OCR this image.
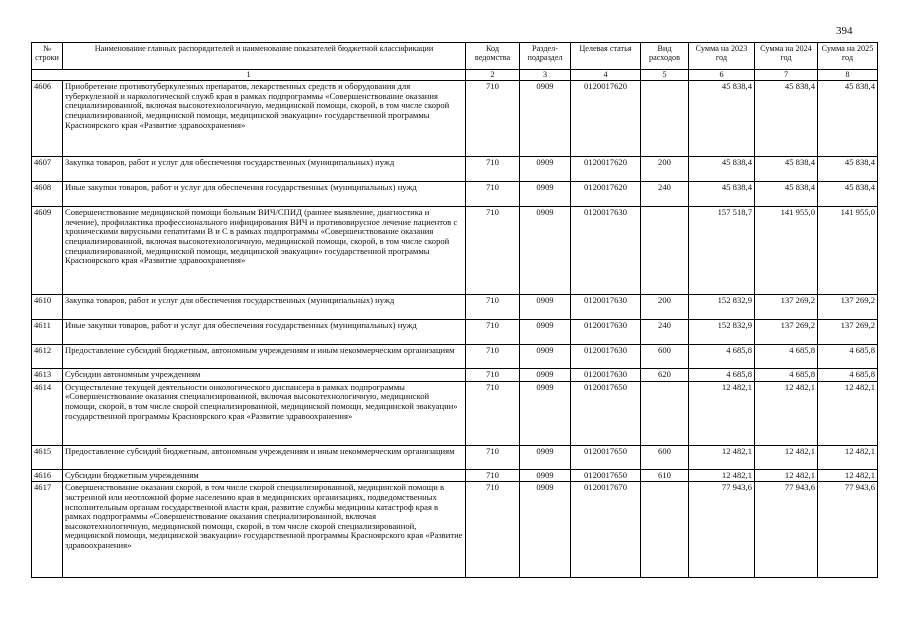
394
№ строки	Наименование главных распорядителей и наименование показателей бюджетной классификации	Код ведомства	Раздел-подраздел	Целевая статья	Вид расходов	Сумма на 2023 год	Сумма на 2024 год	Сумма на 2025 год
1		2	3	4	5	6	7	8
4606	Приобретение противотуберкулезных препаратов, лекарственных средств и оборудования для туберкулезной и наркологической служб края в рамках подпрограммы «Совершенствование оказания специализированной, включая высокотехнологичную, медицинской помощи, скорой, в том числе скорой специализированной, медицинской помощи, медицинской эвакуации» государственной программы Красноярского края «Развитие здравоохранения»	710	0909	0120017620		45 838,4	45 838,4	45 838,4
4607	Закупка товаров, работ и услуг для обеспечения государственных (муниципальных) нужд	710	0909	0120017620	200	45 838,4	45 838,4	45 838,4
4608	Иные закупки товаров, работ и услуг для обеспечения государственных (муниципальных) нужд	710	0909	0120017620	240	45 838,4	45 838,4	45 838,4
4609	Совершенствование медицинской помощи больным ВИЧ/СПИД (раннее выявление, диагностика и лечение), профилактика профессионального инфицирования ВИЧ и противовирусное лечение пациентов с хроническими вирусными гепатитами В и С в рамках подпрограммы «Совершенствование оказания специализированной, включая высокотехнологичную, медицинской помощи, скорой, в том числе скорой специализированной, медицинской помощи, медицинской эвакуации» государственной программы Красноярского края «Развитие здравоохранения»	710	0909	0120017630		157 518,7	141 955,0	141 955,0
4610	Закупка товаров, работ и услуг для обеспечения государственных (муниципальных) нужд	710	0909	0120017630	200	152 832,9	137 269,2	137 269,2
4611	Иные закупки товаров, работ и услуг для обеспечения государственных (муниципальных) нужд	710	0909	0120017630	240	152 832,9	137 269,2	137 269,2
4612	Предоставление субсидий бюджетным, автономным учреждениям и иным некоммерческим организациям	710	0909	0120017630	600	4 685,8	4 685,8	4 685,8
4613	Субсидии автономным учреждениям	710	0909	0120017630	620	4 685,8	4 685,8	4 685,8
4614	Осуществление текущей деятельности онкологического диспансера в рамках подпрограммы «Совершенствование оказания специализированной, включая высокотехнологичную, медицинской помощи, скорой, в том числе скорой специализированной, медицинской помощи, медицинской эвакуации» государственной программы Красноярского края «Развитие здравоохранения»	710	0909	0120017650		12 482,1	12 482,1	12 482,1
4615	Предоставление субсидий бюджетным, автономным учреждениям и иным некоммерческим организациям	710	0909	0120017650	600	12 482,1	12 482,1	12 482,1
4616	Субсидии бюджетным учреждениям	710	0909	0120017650	610	12 482,1	12 482,1	12 482,1
4617	Совершенствование оказания скорой, в том числе скорой специализированной, медицинской помощи в экстренной или неотложной форме населению края в медицинских организациях, подведомственных исполнительным органам государственной власти края, развитие службы медицины катастроф края в рамках подпрограммы «Совершенствование оказания специализированной, включая высокотехнологичную, медицинской помощи, скорой, в том числе скорой специализированной, медицинской помощи, медицинской эвакуации» государственной программы Красноярского края «Развитие здравоохранения»	710	0909	0120017670		77 943,6	77 943,6	77 943,6
